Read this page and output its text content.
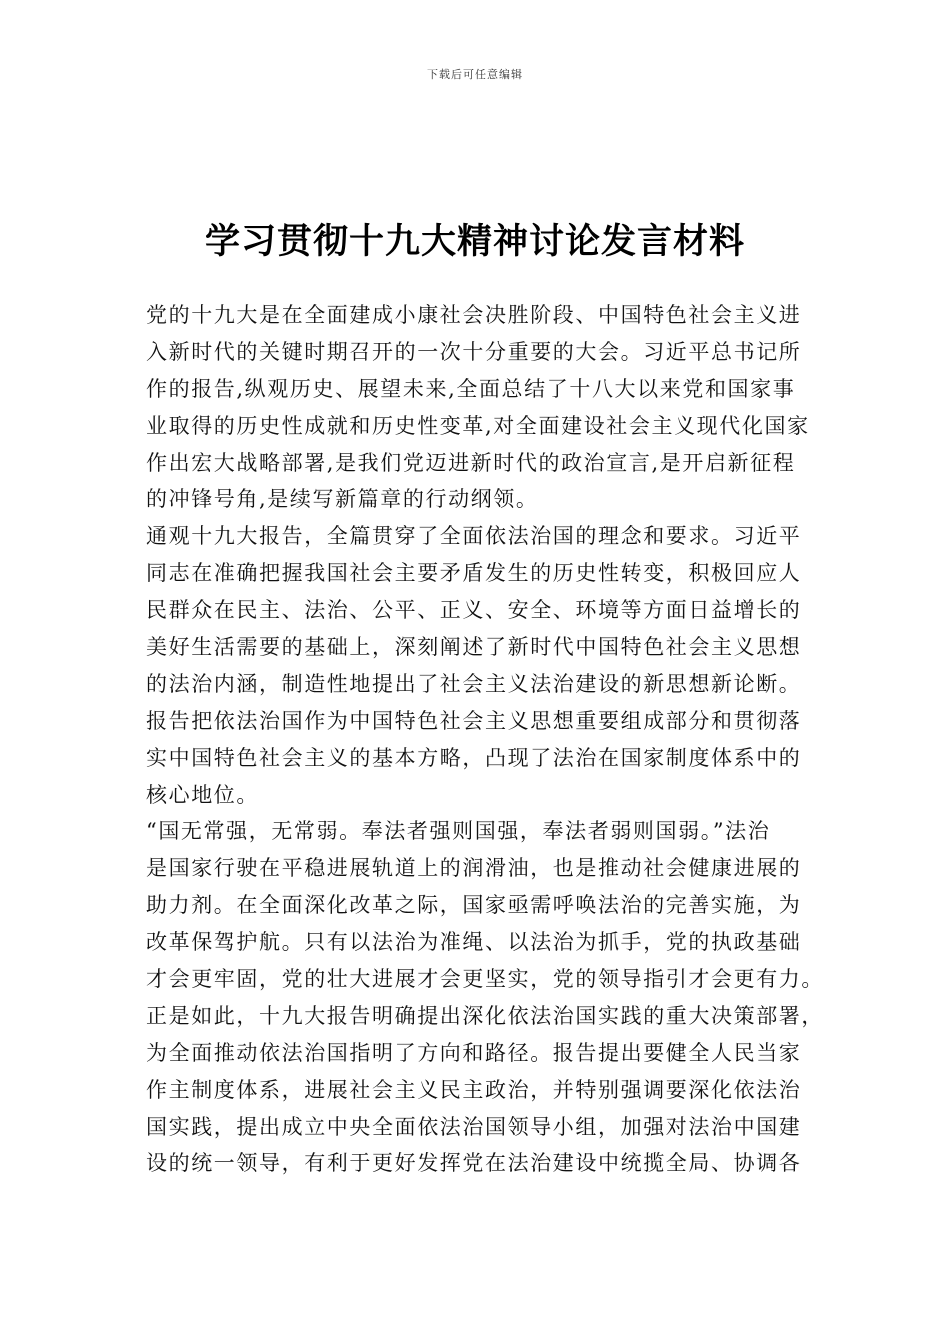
下载后可任意编辑
学习贯彻十九大精神讨论发言材料
党的十九大是在全面建成小康社会决胜阶段、中国特色社会主义进
入新时代的关键时期召开的一次十分重要的大会。习近平总书记所
作的报告,纵观历史、展望未来,全面总结了十八大以来党和国家事
业取得的历史性成就和历史性变革,对全面建设社会主义现代化国家
作出宏大战略部署,是我们党迈进新时代的政治宣言,是开启新征程
的冲锋号角,是续写新篇章的行动纲领。
通观十九大报告，全篇贯穿了全面依法治国的理念和要求。习近平
同志在准确把握我国社会主要矛盾发生的历史性转变，积极回应人
民群众在民主、法治、公平、正义、安全、环境等方面日益增长的
美好生活需要的基础上，深刻阐述了新时代中国特色社会主义思想
的法治内涵，制造性地提出了社会主义法治建设的新思想新论断。
报告把依法治国作为中国特色社会主义思想重要组成部分和贯彻落
实中国特色社会主义的基本方略，凸现了法治在国家制度体系中的
核心地位。
“国无常强，无常弱。奉法者强则国强，奉法者弱则国弱。”法治
是国家行驶在平稳进展轨道上的润滑油，也是推动社会健康进展的
助力剂。在全面深化改革之际，国家亟需呼唤法治的完善实施，为
改革保驾护航。只有以法治为准绳、以法治为抓手，党的执政基础
才会更牢固，党的壮大进展才会更坚实，党的领导指引才会更有力。
正是如此，十九大报告明确提出深化依法治国实践的重大决策部署，
为全面推动依法治国指明了方向和路径。报告提出要健全人民当家
作主制度体系，进展社会主义民主政治，并特别强调要深化依法治
国实践，提出成立中央全面依法治国领导小组，加强对法治中国建
设的统一领导，有利于更好发挥党在法治建设中统揽全局、协调各
